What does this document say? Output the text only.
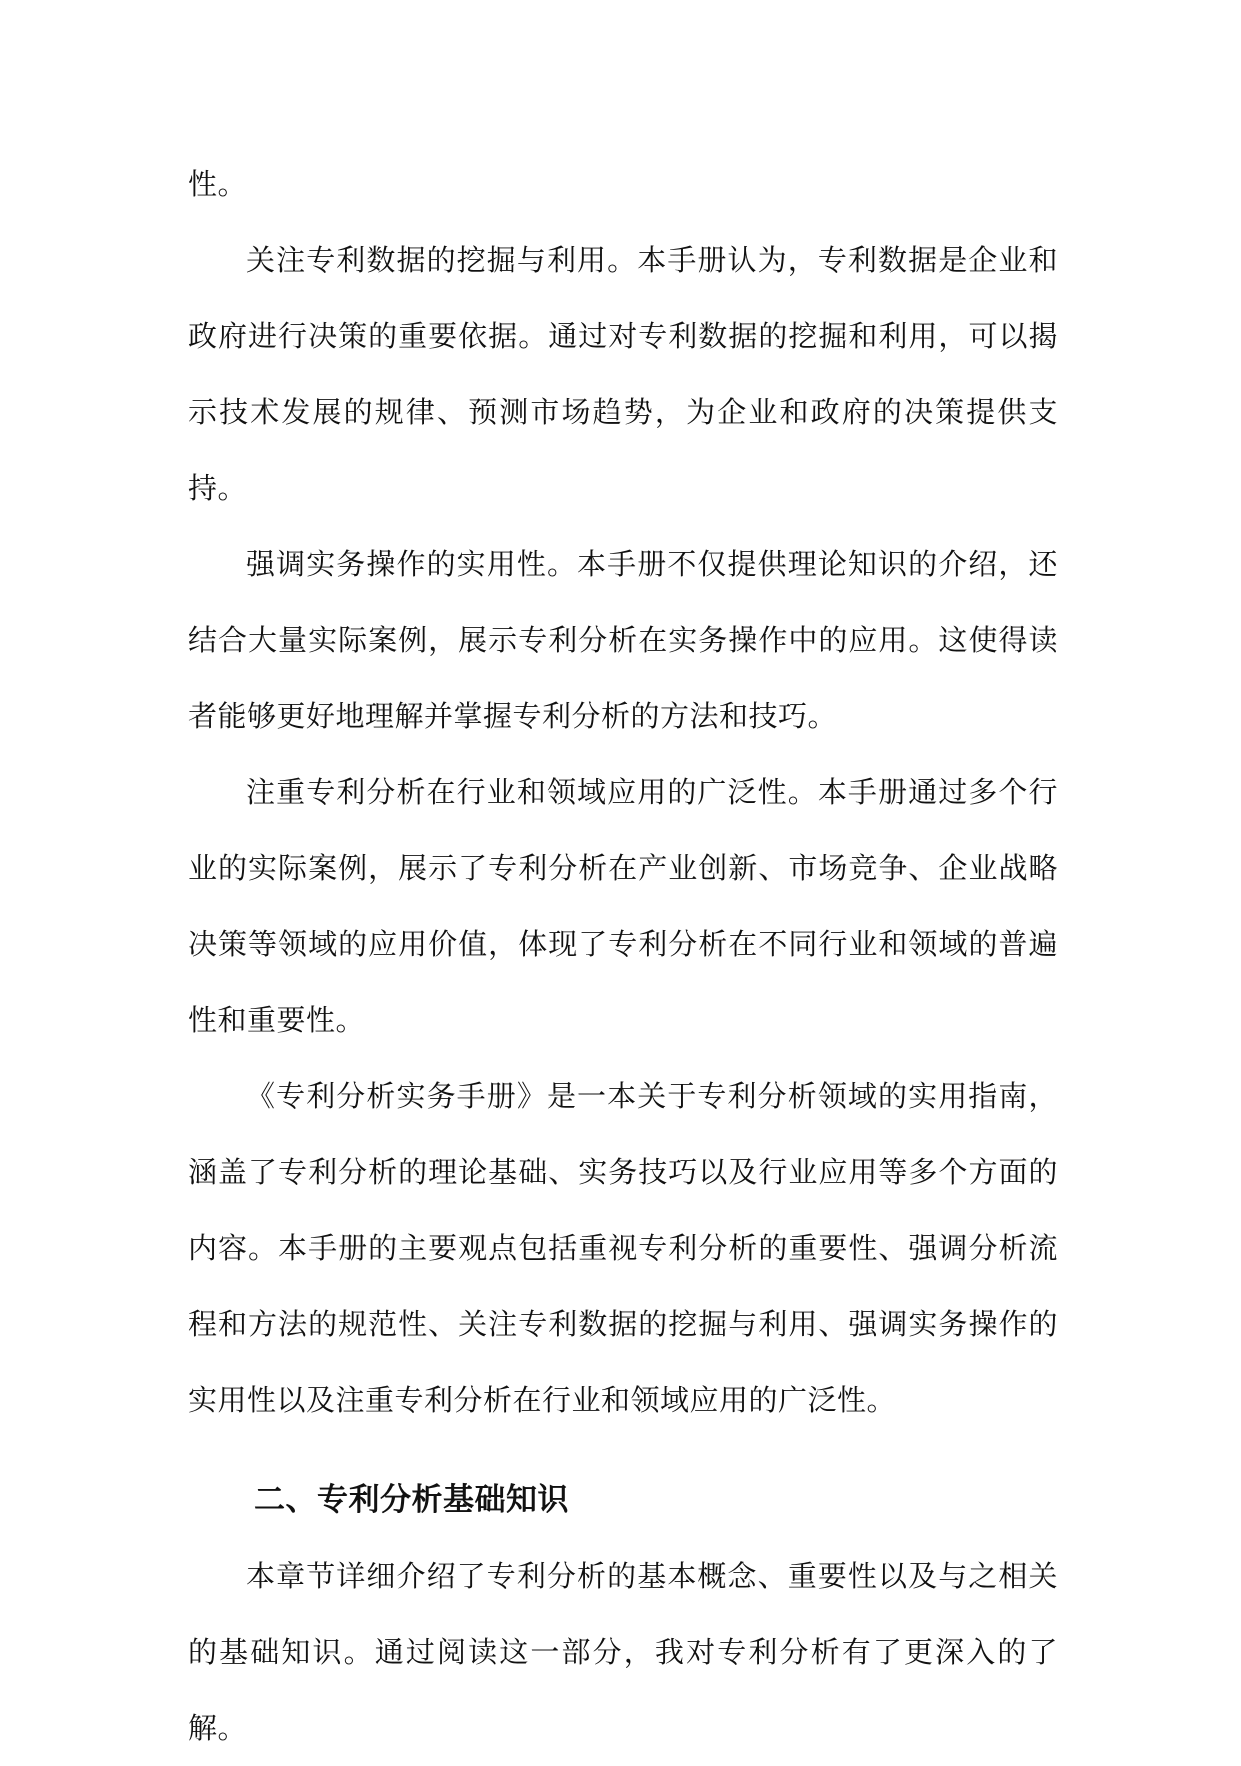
性。

关注专利数据的挖掘与利用。本手册认为，专利数据是企业和政府进行决策的重要依据。通过对专利数据的挖掘和利用，可以揭示技术发展的规律、预测市场趋势，为企业和政府的决策提供支持。

强调实务操作的实用性。本手册不仅提供理论知识的介绍，还结合大量实际案例，展示专利分析在实务操作中的应用。这使得读者能够更好地理解并掌握专利分析的方法和技巧。

注重专利分析在行业和领域应用的广泛性。本手册通过多个行业的实际案例，展示了专利分析在产业创新、市场竞争、企业战略决策等领域的应用价值，体现了专利分析在不同行业和领域的普遍性和重要性。

《专利分析实务手册》是一本关于专利分析领域的实用指南，涵盖了专利分析的理论基础、实务技巧以及行业应用等多个方面的内容。本手册的主要观点包括重视专利分析的重要性、强调分析流程和方法的规范性、关注专利数据的挖掘与利用、强调实务操作的实用性以及注重专利分析在行业和领域应用的广泛性。

二、专利分析基础知识

本章节详细介绍了专利分析的基本概念、重要性以及与之相关的基础知识。通过阅读这一部分，我对专利分析有了更深入的了解。
